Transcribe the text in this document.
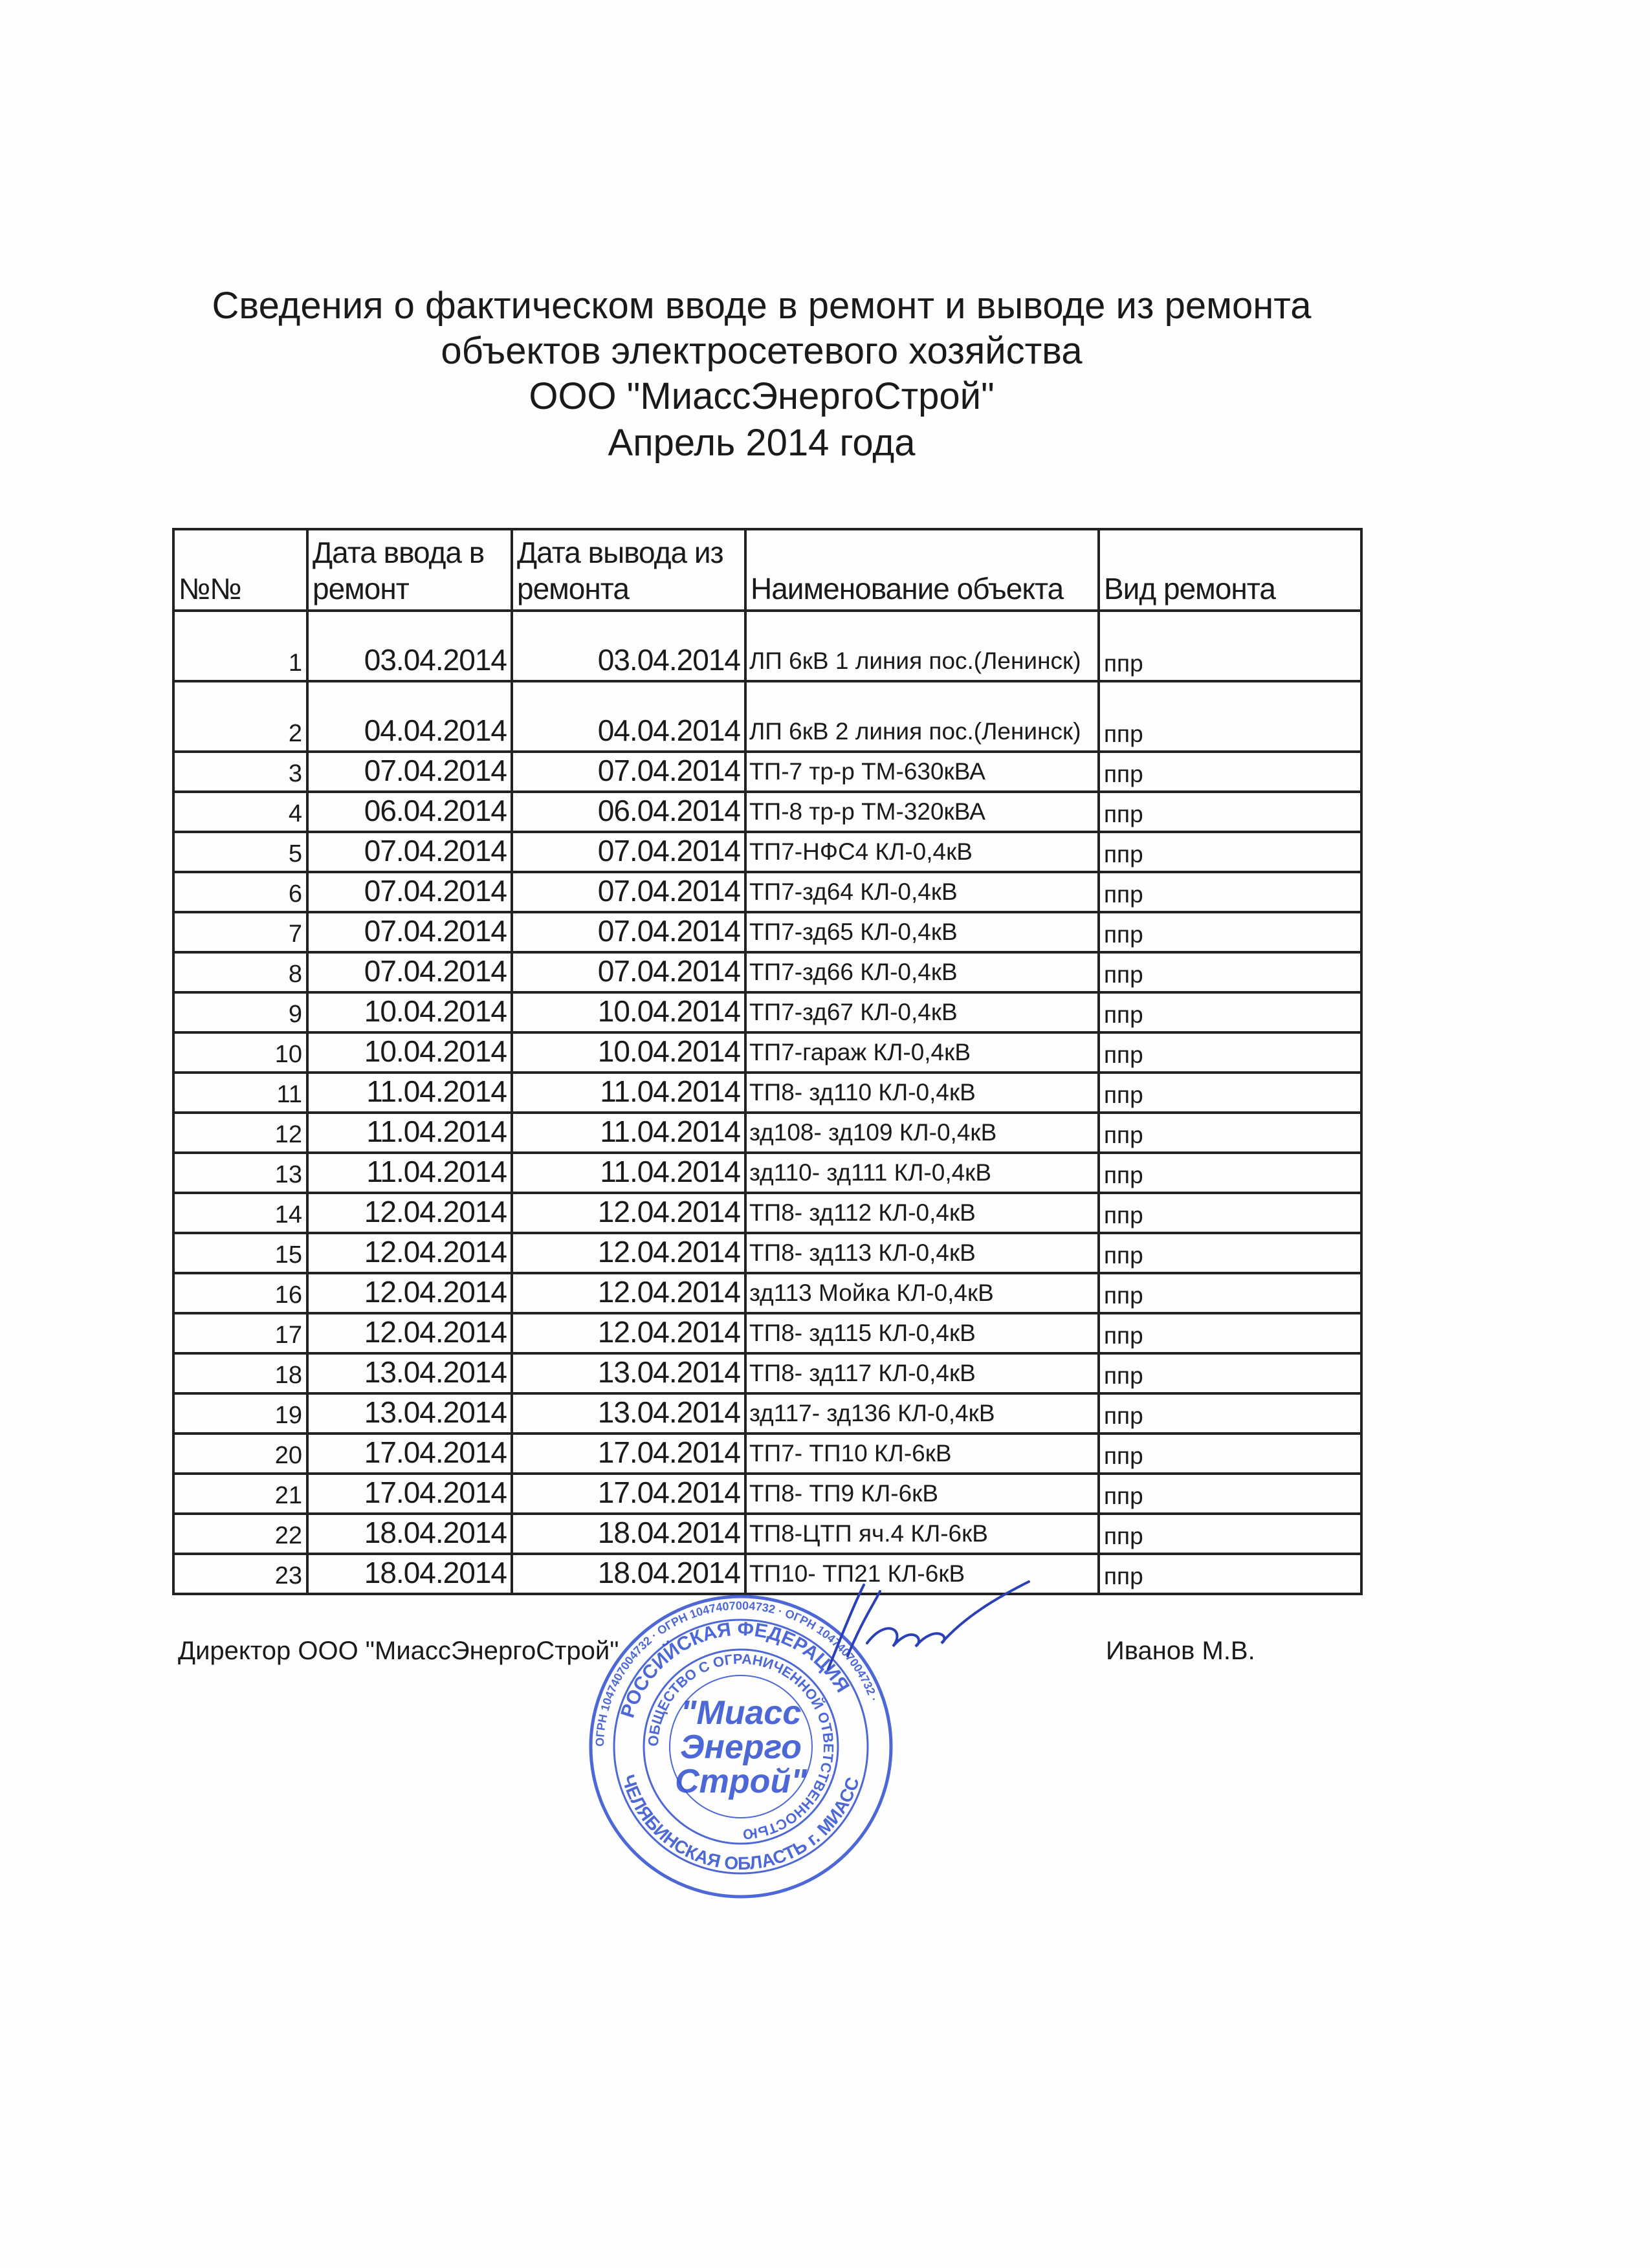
Сведения о фактическом вводе в ремонт и выводе из ремонта
объектов электросетевого хозяйства
ООО "МиассЭнергоСтрой"
Апрель 2014 года
№№	Дата ввода в ремонт	Дата вывода из ремонта	Наименование объекта	Вид ремонта
1	03.04.2014	03.04.2014	ЛП 6кВ 1 линия пос.(Ленинск)	ппр
2	04.04.2014	04.04.2014	ЛП 6кВ 2 линия пос.(Ленинск)	ппр
3	07.04.2014	07.04.2014	ТП-7 тр-р ТМ-630кВА	ппр
4	06.04.2014	06.04.2014	ТП-8 тр-р ТМ-320кВА	ппр
5	07.04.2014	07.04.2014	ТП7-НФС4 КЛ-0,4кВ	ппр
6	07.04.2014	07.04.2014	ТП7-зд64 КЛ-0,4кВ	ппр
7	07.04.2014	07.04.2014	ТП7-зд65 КЛ-0,4кВ	ппр
8	07.04.2014	07.04.2014	ТП7-зд66 КЛ-0,4кВ	ппр
9	10.04.2014	10.04.2014	ТП7-зд67 КЛ-0,4кВ	ппр
10	10.04.2014	10.04.2014	ТП7-гараж КЛ-0,4кВ	ппр
11	11.04.2014	11.04.2014	ТП8- зд110 КЛ-0,4кВ	ппр
12	11.04.2014	11.04.2014	зд108- зд109 КЛ-0,4кВ	ппр
13	11.04.2014	11.04.2014	зд110- зд111 КЛ-0,4кВ	ппр
14	12.04.2014	12.04.2014	ТП8- зд112 КЛ-0,4кВ	ппр
15	12.04.2014	12.04.2014	ТП8- зд113 КЛ-0,4кВ	ппр
16	12.04.2014	12.04.2014	зд113 Мойка КЛ-0,4кВ	ппр
17	12.04.2014	12.04.2014	ТП8- зд115 КЛ-0,4кВ	ппр
18	13.04.2014	13.04.2014	ТП8- зд117 КЛ-0,4кВ	ппр
19	13.04.2014	13.04.2014	зд117- зд136 КЛ-0,4кВ	ппр
20	17.04.2014	17.04.2014	ТП7- ТП10 КЛ-6кВ	ппр
21	17.04.2014	17.04.2014	ТП8- ТП9 КЛ-6кВ	ппр
22	18.04.2014	18.04.2014	ТП8-ЦТП яч.4 КЛ-6кВ	ппр
23	18.04.2014	18.04.2014	ТП10- ТП21 КЛ-6кВ	ппр
Директор ООО "МиассЭнергоСтрой"	Иванов М.В.
ОГРН 1047407004732 · ОГРН 1047407004732 · ОГРН 1047407004732 ·
РОССИЙСКАЯ ФЕДЕРАЦИЯ
ЧЕЛЯБИНСКАЯ ОБЛАСТЬ г. МИАСС
ОБЩЕСТВО С ОГРАНИЧЕННОЙ ОТВЕТСТВЕННОСТЬЮ
"Миасс
Энерго
Строй"
